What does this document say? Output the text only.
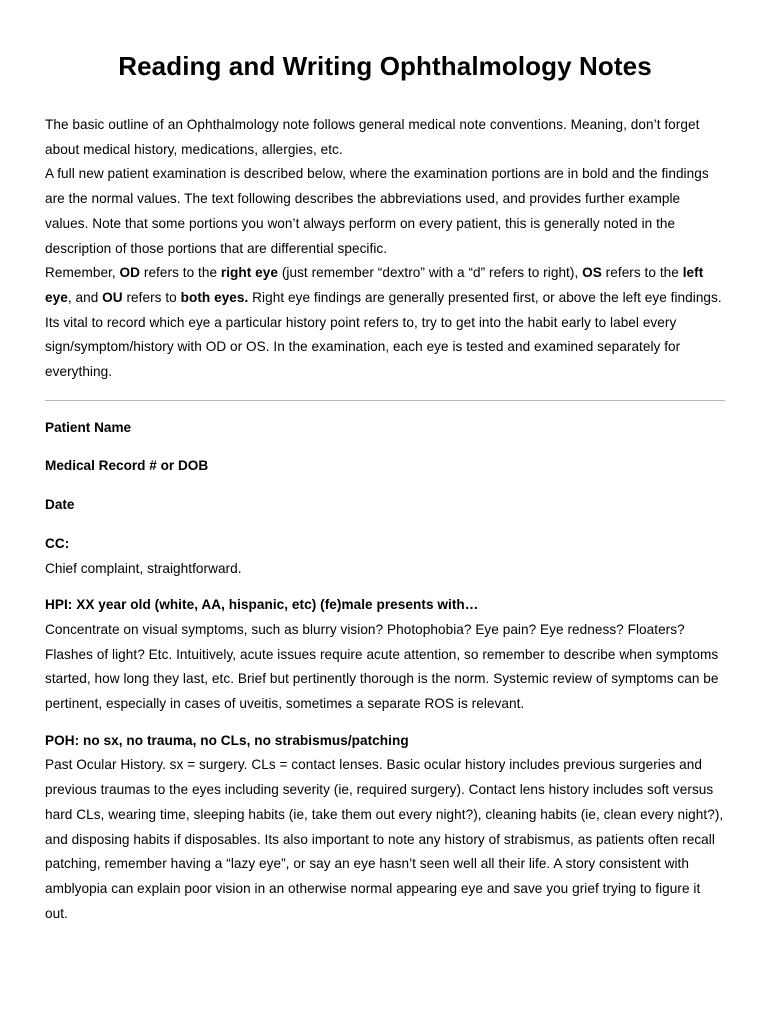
Reading and Writing Ophthalmology Notes

The basic outline of an Ophthalmology note follows general medical note conventions. Meaning, don’t forget about medical history, medications, allergies, etc.

A full new patient examination is described below, where the examination portions are in bold and the findings are the normal values. The text following describes the abbreviations used, and provides further example values. Note that some portions you won’t always perform on every patient, this is generally noted in the description of those portions that are differential specific.

Remember, OD refers to the right eye (just remember “dextro” with a “d” refers to right), OS refers to the left eye, and OU refers to both eyes. Right eye findings are generally presented first, or above the left eye findings. Its vital to record which eye a particular history point refers to, try to get into the habit early to label every sign/symptom/history with OD or OS. In the examination, each eye is tested and examined separately for everything.

Patient Name

Medical Record # or DOB

Date

CC:

Chief complaint, straightforward.

HPI: XX year old (white, AA, hispanic, etc) (fe)male presents with…

Concentrate on visual symptoms, such as blurry vision? Photophobia? Eye pain? Eye redness? Floaters? Flashes of light? Etc. Intuitively, acute issues require acute attention, so remember to describe when symptoms started, how long they last, etc. Brief but pertinently thorough is the norm. Systemic review of symptoms can be pertinent, especially in cases of uveitis, sometimes a separate ROS is relevant.

POH: no sx, no trauma, no CLs, no strabismus/patching

Past Ocular History. sx = surgery. CLs = contact lenses. Basic ocular history includes previous surgeries and previous traumas to the eyes including severity (ie, required surgery). Contact lens history includes soft versus hard CLs, wearing time, sleeping habits (ie, take them out every night?), cleaning habits (ie, clean every night?), and disposing habits if disposables. Its also important to note any history of strabismus, as patients often recall patching, remember having a “lazy eye”, or say an eye hasn’t seen well all their life. A story consistent with amblyopia can explain poor vision in an otherwise normal appearing eye and save you grief trying to figure it out.
